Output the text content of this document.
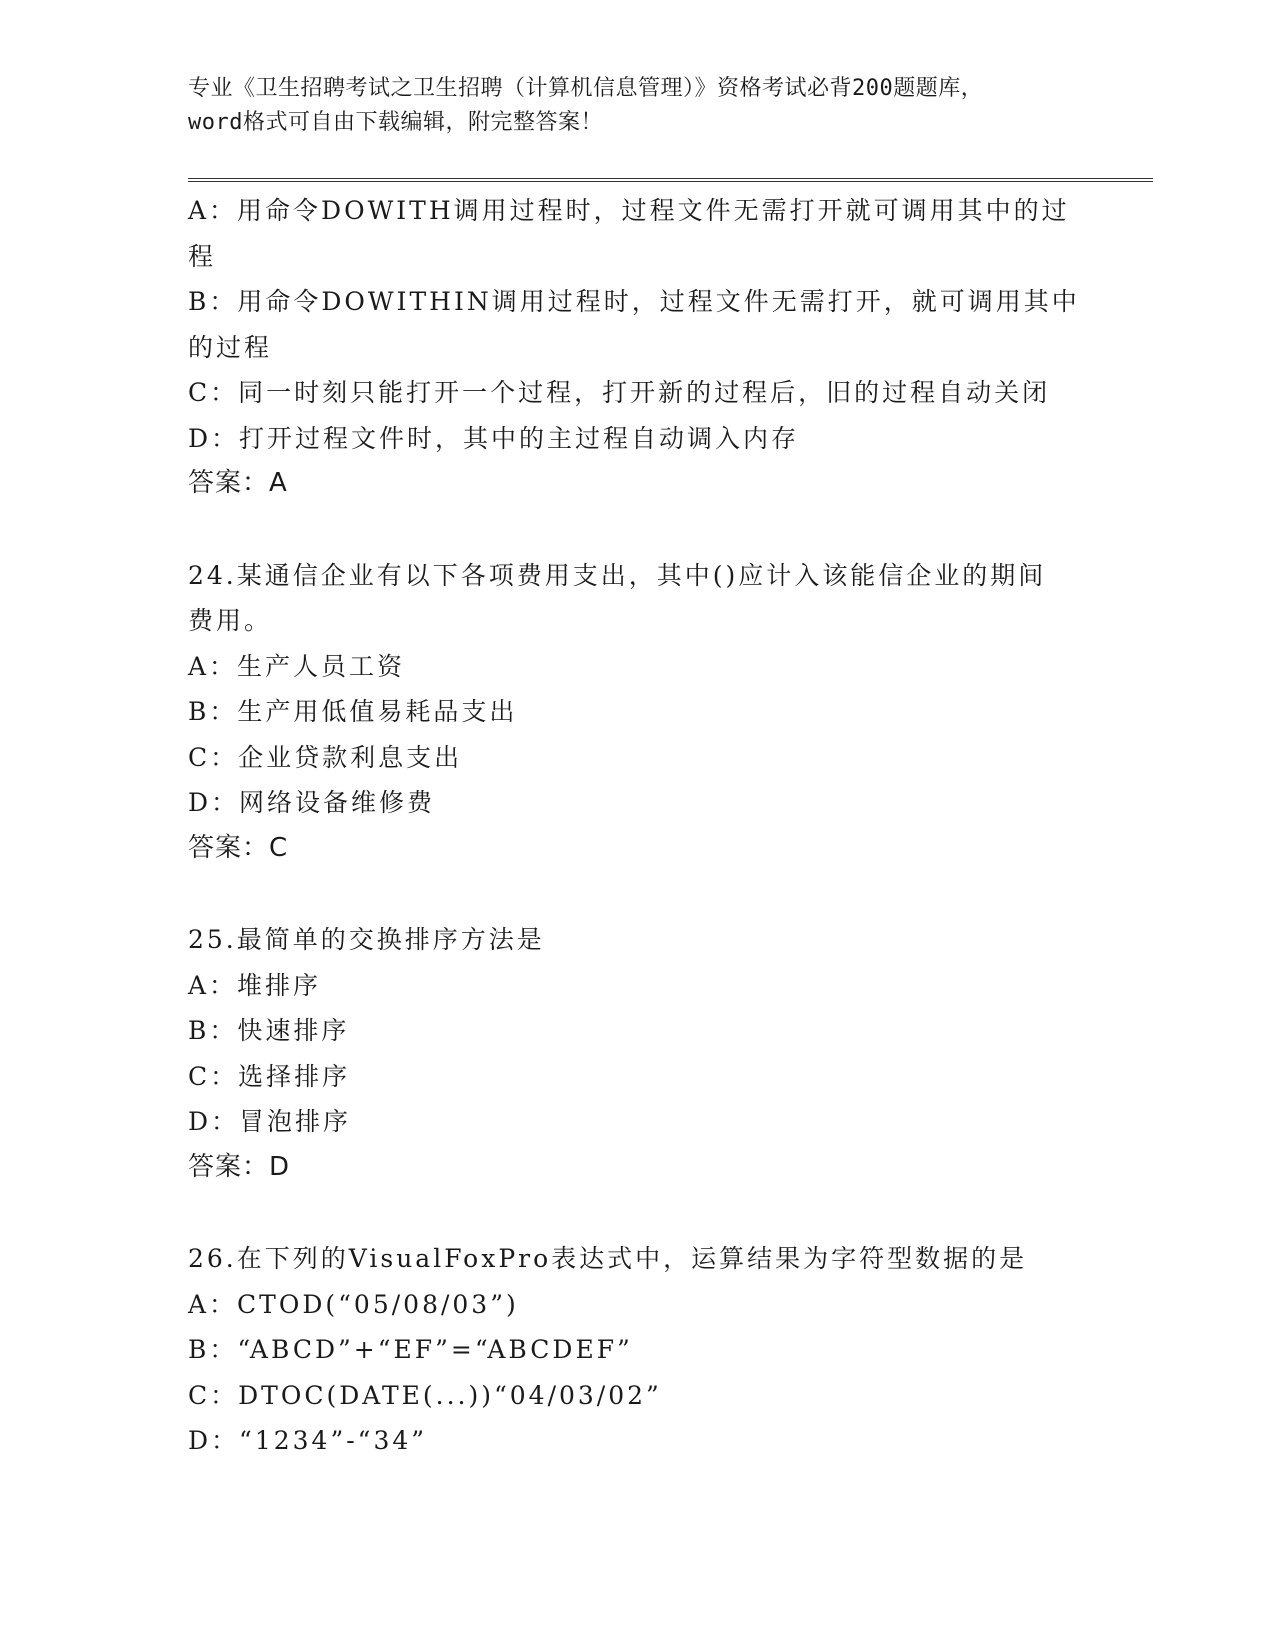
专业《卫生招聘考试之卫生招聘（计算机信息管理）》资格考试必背200题题库，
word格式可自由下载编辑，附完整答案！
A：用命令DOWITH调用过程时，过程文件无需打开就可调用其中的过
程
B：用命令DOWITHIN调用过程时，过程文件无需打开，就可调用其中
的过程
C：同一时刻只能打开一个过程，打开新的过程后，旧的过程自动关闭
D：打开过程文件时，其中的主过程自动调入内存
答案：A
24.某通信企业有以下各项费用支出，其中()应计入该能信企业的期间
费用。
A：生产人员工资
B：生产用低值易耗品支出
C：企业贷款利息支出
D：网络设备维修费
答案：C
25.最简单的交换排序方法是
A：堆排序
B：快速排序
C：选择排序
D：冒泡排序
答案：D
26.在下列的VisualFoxPro表达式中，运算结果为字符型数据的是
A：CTOD(“05/08/03”)
B：“ABCD”+“EF”=“ABCDEF”
C：DTOC(DATE(...))“04/03/02”
D：“1234”-“34”
